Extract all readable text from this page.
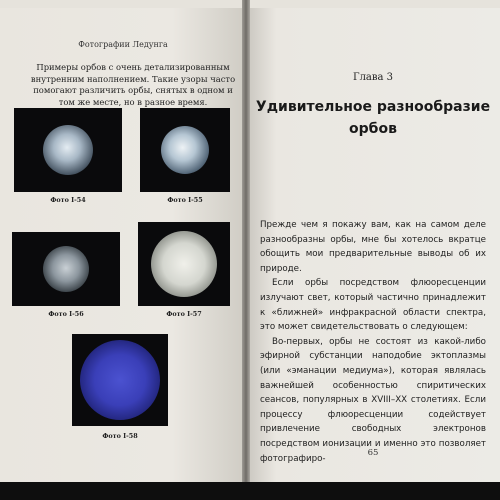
Фотографии Ледунга
Примеры орбов с очень детализированным внутренним наполнением. Такие узоры часто помогают различить орбы, снятых в одном и том же месте, но в разное время.
Фото I-54	Фото I-55
Фото I-56	Фото I-57
Фото I-58
Глава 3
Удивительное разнообразие
орбов

Прежде чем я покажу вам, как на самом деле разнообразны орбы, мне бы хотелось вкратце обощить мои предварительные выводы об их природе.

Если орбы посредством флюоресценции излучают свет, который частично принадлежит к «ближней» инфракрасной области спектра, это может свидетельствовать о следующем:

Во-первых, орбы не состоят из какой-либо эфирной субстанции наподобие эктоплазмы (или «эманации медиума»), которая являлась важнейшей особенностью спиритических сеансов, популярных в XVIII–XX столетиях. Если процессу флюоресценции содействует привлечение свободных электронов посредством ионизации и именно это позволяет фотографиро-

65
